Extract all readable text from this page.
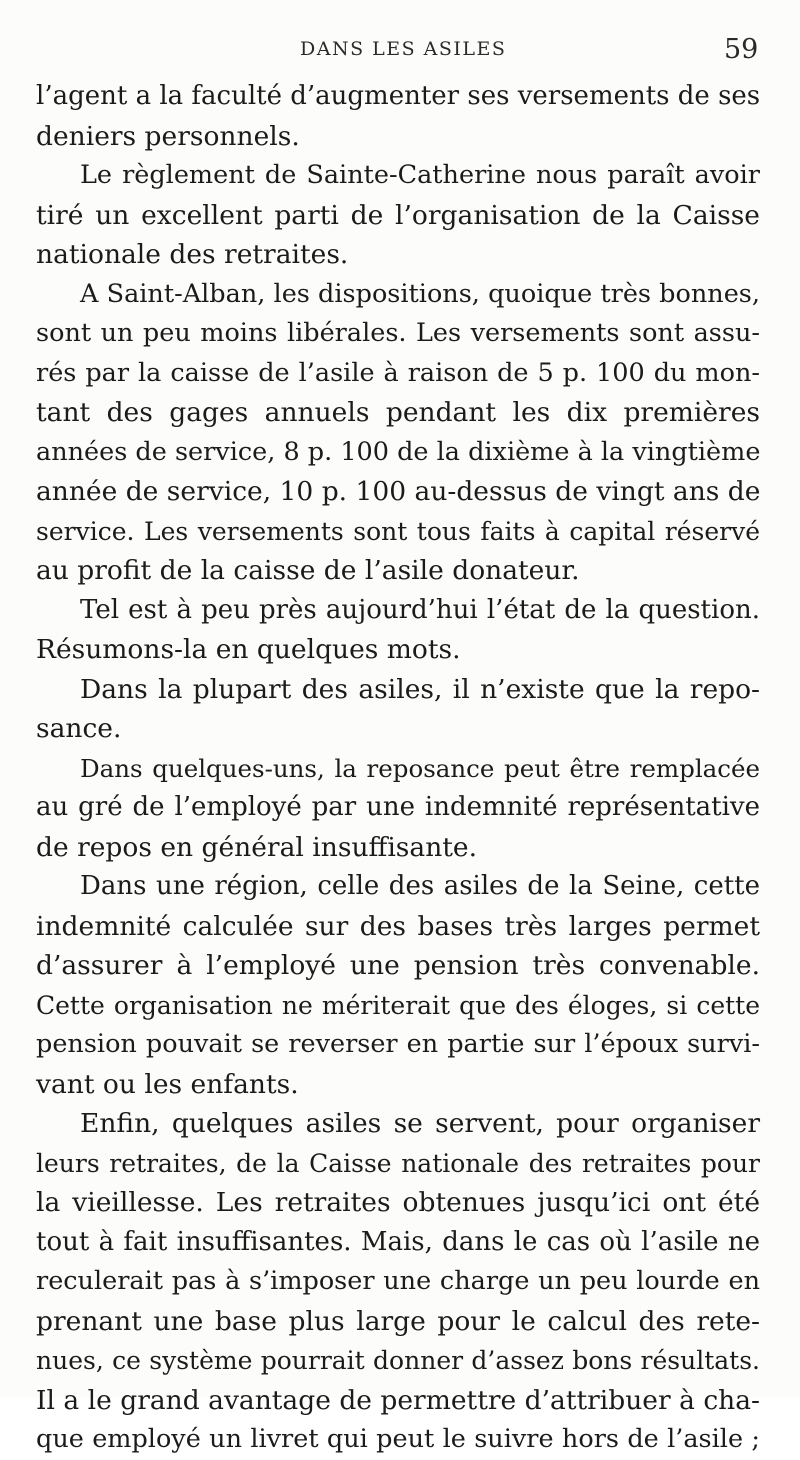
DANS LES ASILES	59
l’agent a la faculté d’augmenter ses versements de ses
deniers personnels.
Le règlement de Sainte-Catherine nous paraît avoir
tiré un excellent parti de l’organisation de la Caisse
nationale des retraites.
A Saint-Alban, les dispositions, quoique très bonnes,
sont un peu moins libérales. Les versements sont assu-
rés par la caisse de l’asile à raison de 5 p. 100 du mon-
tant des gages annuels pendant les dix premières
années de service, 8 p. 100 de la dixième à la vingtième
année de service, 10 p. 100 au-dessus de vingt ans de
service. Les versements sont tous faits à capital réservé
au profit de la caisse de l’asile donateur.
Tel est à peu près aujourd’hui l’état de la question.
Résumons-la en quelques mots.
Dans la plupart des asiles, il n’existe que la repo-
sance.
Dans quelques-uns, la reposance peut être remplacée
au gré de l’employé par une indemnité représentative
de repos en général insuffisante.
Dans une région, celle des asiles de la Seine, cette
indemnité calculée sur des bases très larges permet
d’assurer à l’employé une pension très convenable.
Cette organisation ne mériterait que des éloges, si cette
pension pouvait se reverser en partie sur l’époux survi-
vant ou les enfants.
Enfin, quelques asiles se servent, pour organiser
leurs retraites, de la Caisse nationale des retraites pour
la vieillesse. Les retraites obtenues jusqu’ici ont été
tout à fait insuffisantes. Mais, dans le cas où l’asile ne
reculerait pas à s’imposer une charge un peu lourde en
prenant une base plus large pour le calcul des rete-
nues, ce système pourrait donner d’assez bons résultats.
Il a le grand avantage de permettre d’attribuer à cha-
que employé un livret qui peut le suivre hors de l’asile ;
